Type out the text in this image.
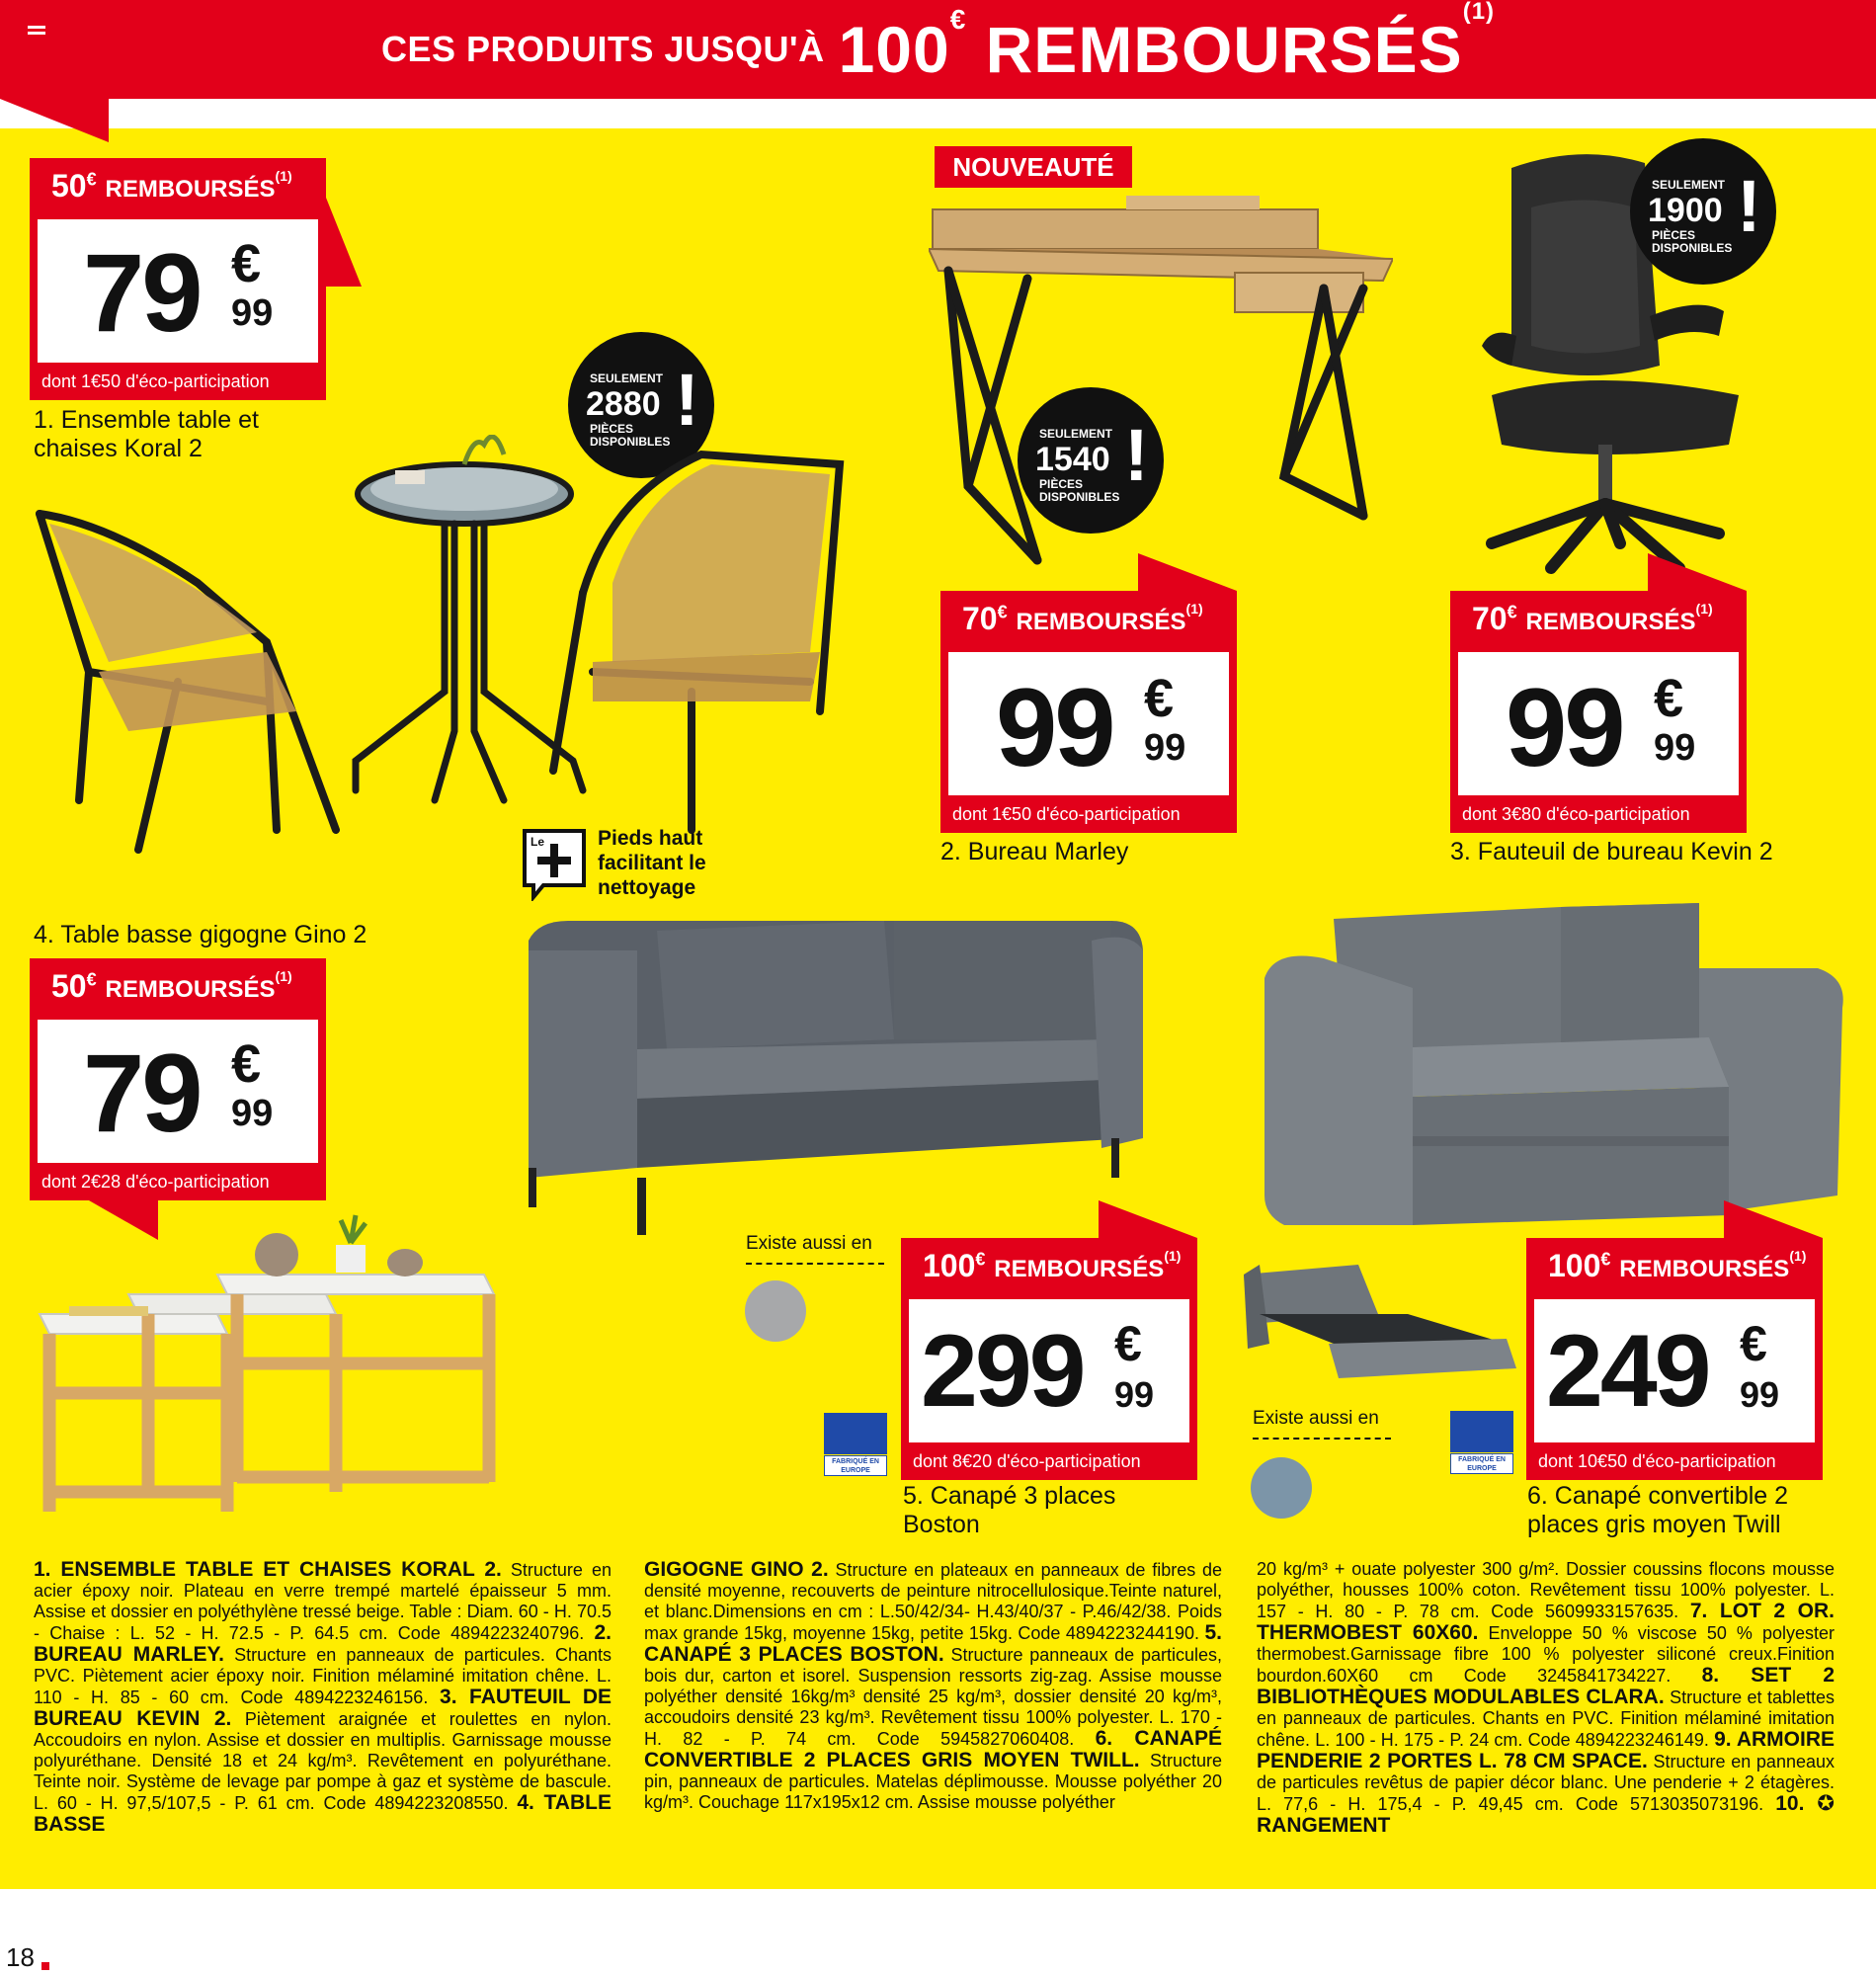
CES PRODUITS JUSQU'À 100€ REMBOURSÉS$^{(1)}$
50€ REMBOURSÉS$^{(1)}$
79 €
99
dont 1€50 d'éco-participation
1. Ensemble table et chaises Koral 2
SEULEMENT
2880
PIÈCES DISPONIBLES
!
NOUVEAUTÉ
SEULEMENT
1540
PIÈCES DISPONIBLES
!
70€ REMBOURSÉS$^{(1)}$
99 €
99
dont 1€50 d'éco-participation
2. Bureau Marley
SEULEMENT
1900
PIÈCES DISPONIBLES
!
70€ REMBOURSÉS$^{(1)}$
99 €
99
dont 3€80 d'éco-participation
3. Fauteuil de bureau Kevin 2
Le	Pieds haut facilitant le nettoyage
4. Table basse gigogne Gino 2
50€ REMBOURSÉS$^{(1)}$
79 €
99
dont 2€28 d'éco-participation
Existe aussi en
FABRIQUÉ EN EUROPE
100€ REMBOURSÉS$^{(1)}$
299 €
99
dont 8€20 d'éco-participation
5. Canapé 3 places Boston
Existe aussi en
FABRIQUÉ EN EUROPE
100€ REMBOURSÉS$^{(1)}$
249 €
99
dont 10€50 d'éco-participation
6. Canapé convertible 2 places gris moyen Twill
1. ENSEMBLE TABLE ET CHAISES KORAL 2. Structure en acier époxy noir. Plateau en verre trempé martelé épaisseur 5 mm. Assise et dossier en polyéthylène tressé beige. Table : Diam. 60 - H. 70.5 - Chaise : L. 52 - H. 72.5 - P. 64.5 cm. Code 4894223240796. 2. BUREAU MARLEY. Structure en panneaux de particules. Chants PVC. Piètement acier époxy noir. Finition mélaminé imitation chêne. L. 110 - H. 85 - 60 cm. Code 4894223246156. 3. FAUTEUIL DE BUREAU KEVIN 2. Piètement araignée et roulettes en nylon. Accoudoirs en nylon. Assise et dossier en multiplis. Garnissage mousse polyuréthane. Densité 18 et 24 kg/m³. Revêtement en polyuréthane. Teinte noir. Système de levage par pompe à gaz et système de bascule. L. 60 - H. 97,5/107,5 - P. 61 cm. Code 4894223208550. 4. TABLE BASSE
GIGOGNE GINO 2. Structure en plateaux en panneaux de fibres de densité moyenne, recouverts de peinture nitrocellulosique.Teinte naturel, et blanc.Dimensions en cm : L.50/42/34- H.43/40/37 - P.46/42/38. Poids max grande 15kg, moyenne 15kg, petite 15kg. Code 4894223244190. 5. CANAPÉ 3 PLACES BOSTON. Structure panneaux de particules, bois dur, carton et isorel. Suspension ressorts zig-zag. Assise mousse polyéther densité 16kg/m³ densité 25 kg/m³, dossier densité 20 kg/m³, accoudoirs densité 23 kg/m³. Revêtement tissu 100% polyester. L. 170 - H. 82 - P. 74 cm. Code 5945827060408. 6. CANAPÉ CONVERTIBLE 2 PLACES GRIS MOYEN TWILL. Structure pin, panneaux de particules. Matelas déplimousse. Mousse polyéther 20 kg/m³. Couchage 117x195x12 cm. Assise mousse polyéther
20 kg/m³ + ouate polyester 300 g/m². Dossier coussins flocons mousse polyéther, housses 100% coton. Revêtement tissu 100% polyester. L. 157 - H. 80 - P. 78 cm. Code 5609933157635. 7. LOT 2 OR. THERMOBEST 60X60. Enveloppe 50 % viscose 50 % polyester thermobest.Garnissage fibre 100 % polyester siliconé creux.Finition bourdon.60X60 cm Code 3245841734227. 8. SET 2 BIBLIOTHÈQUES MODULABLES CLARA. Structure et tablettes en panneaux de particules. Chants en PVC. Finition mélaminé imitation chêne. L. 100 - H. 175 - P. 24 cm. Code 4894223246149. 9. ARMOIRE PENDERIE 2 PORTES L. 78 CM SPACE. Structure en panneaux de particules revêtus de papier décor blanc. Une penderie + 2 étagères. L. 77,6 - H. 175,4 - P. 49,45 cm. Code 5713035073196. 10. ✪ RANGEMENT
18
